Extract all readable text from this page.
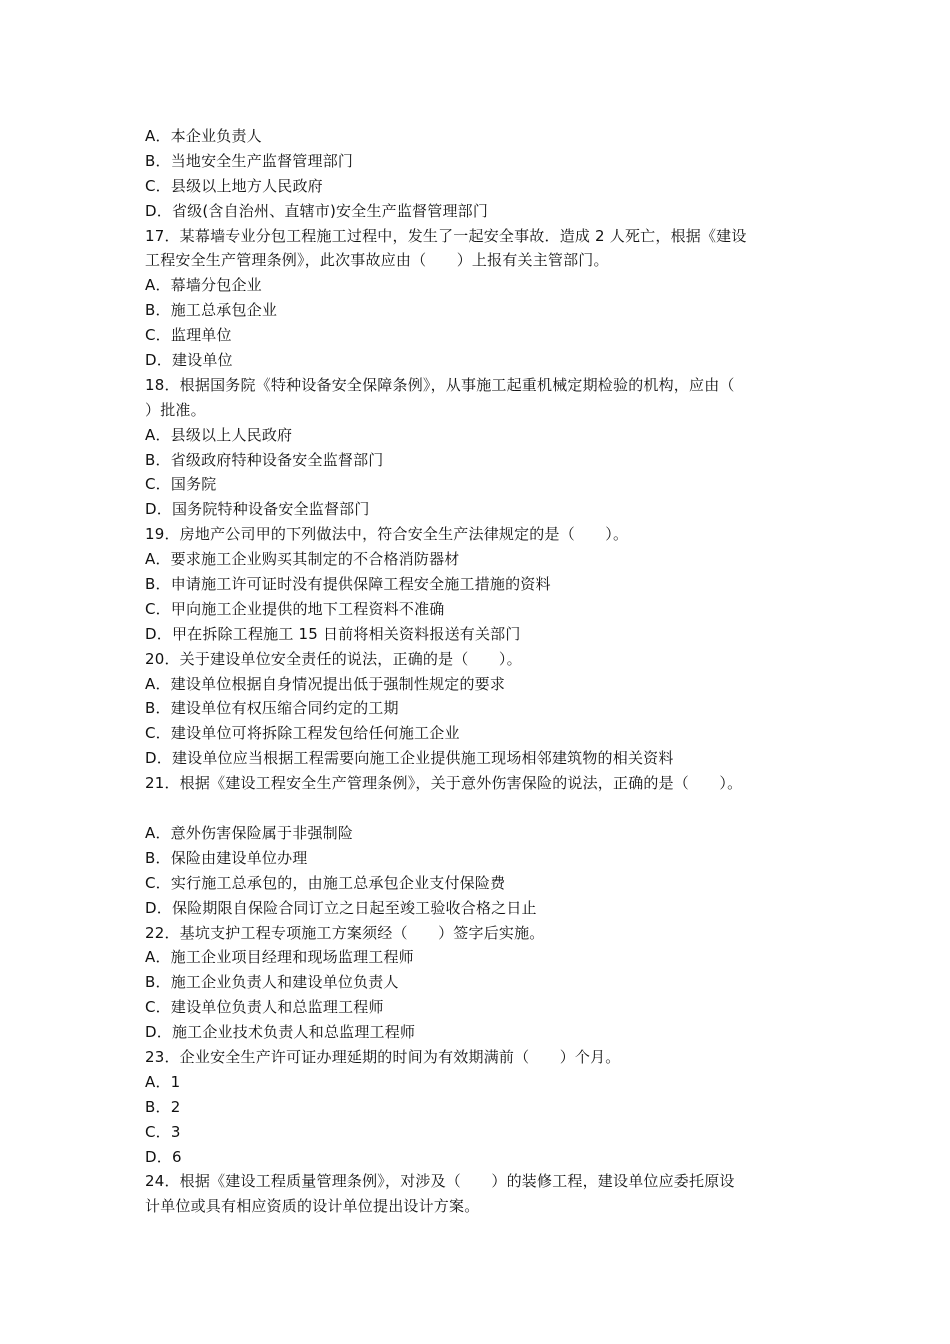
A．本企业负责人
B．当地安全生产监督管理部门
C．县级以上地方人民政府
D．省级(含自治州、直辖市)安全生产监督管理部门
17．某幕墙专业分包工程施工过程中，发生了一起安全事故．造成 2 人死亡，根据《建设
工程安全生产管理条例》，此次事故应由（　　）上报有关主管部门。
A．幕墙分包企业
B．施工总承包企业
C．监理单位
D．建设单位
18．根据国务院《特种设备安全保障条例》，从事施工起重机械定期检验的机构，应由（
）批准。
A．县级以上人民政府
B．省级政府特种设备安全监督部门
C．国务院
D．国务院特种设备安全监督部门
19．房地产公司甲的下列做法中，符合安全生产法律规定的是（　　）。
A．要求施工企业购买其制定的不合格消防器材
B．申请施工许可证时没有提供保障工程安全施工措施的资料
C．甲向施工企业提供的地下工程资料不准确
D．甲在拆除工程施工 15 日前将相关资料报送有关部门
20．关于建设单位安全责任的说法，正确的是（　　）。
A．建设单位根据自身情况提出低于强制性规定的要求
B．建设单位有权压缩合同约定的工期
C．建设单位可将拆除工程发包给任何施工企业
D．建设单位应当根据工程需要向施工企业提供施工现场相邻建筑物的相关资料
21．根据《建设工程安全生产管理条例》，关于意外伤害保险的说法，正确的是（　　）。
A．意外伤害保险属于非强制险
B．保险由建设单位办理
C．实行施工总承包的，由施工总承包企业支付保险费
D．保险期限自保险合同订立之日起至竣工验收合格之日止
22．基坑支护工程专项施工方案须经（　　）签字后实施。
A．施工企业项目经理和现场监理工程师
B．施工企业负责人和建设单位负责人
C．建设单位负责人和总监理工程师
D．施工企业技术负责人和总监理工程师
23．企业安全生产许可证办理延期的时间为有效期满前（　　）个月。
A．1
B．2
C．3
D．6
24．根据《建设工程质量管理条例》，对涉及（　　）的装修工程，建设单位应委托原设
计单位或具有相应资质的设计单位提出设计方案。
